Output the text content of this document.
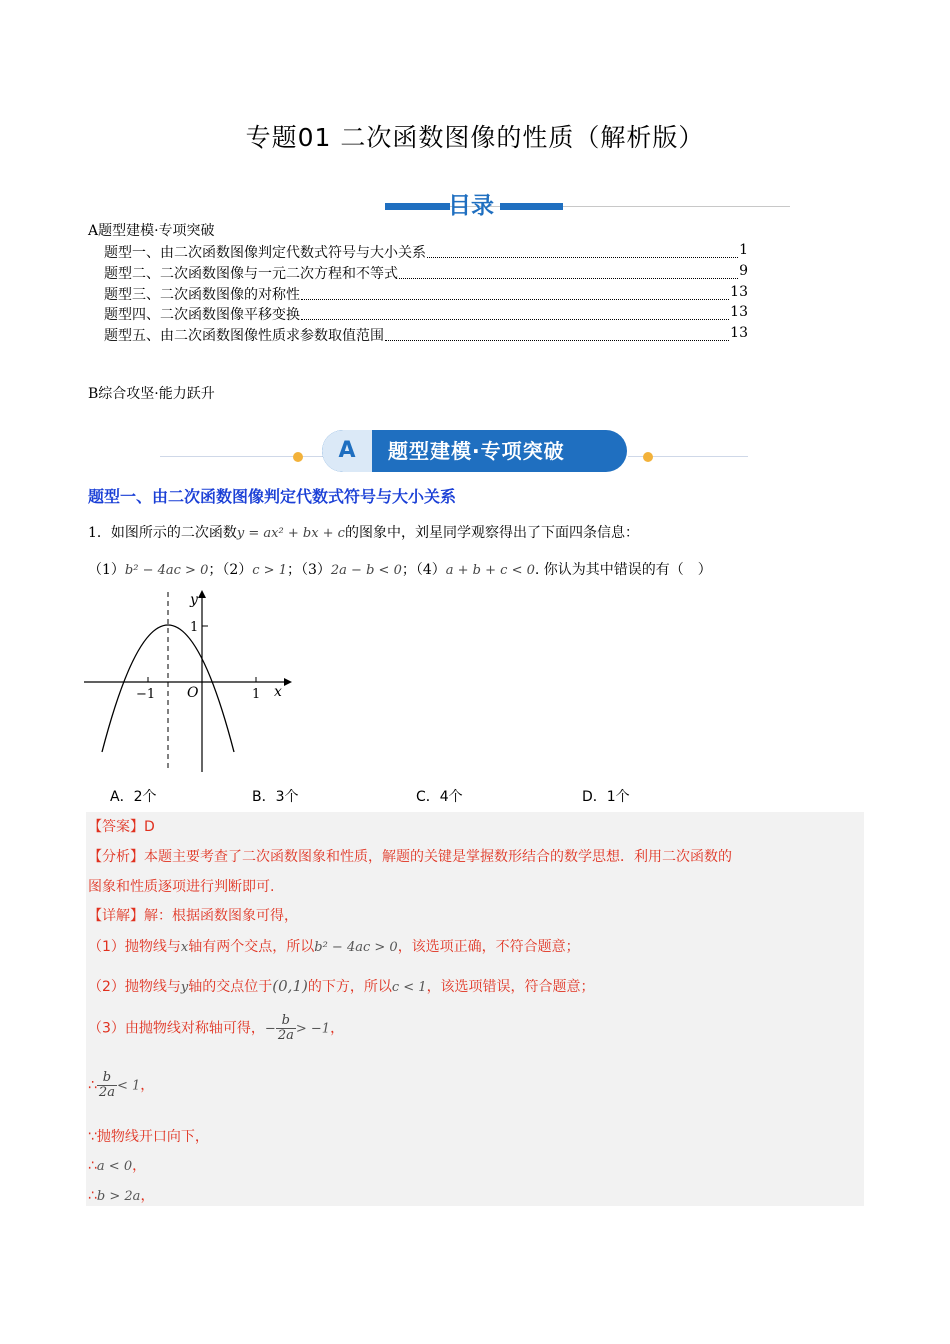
专题01 二次函数图像的性质（解析版）
目录
A题型建模·专项突破
题型一、由二次函数图像判定代数式符号与大小关系	1
题型二、二次函数图像与一元二次方程和不等式	9
题型三、二次函数图像的对称性	13
题型四、二次函数图像平移变换	13
题型五、由二次函数图像性质求参数取值范围	13
B综合攻坚·能力跃升
A	题型建模·专项突破
题型一、由二次函数图像判定代数式符号与大小关系
1．如图所示的二次函数y = ax² + bx + c的图象中，刘星同学观察得出了下面四条信息：
（1）b² − 4ac > 0；（2）c > 1；（3）2a − b < 0；（4）a + b + c < 0. 你认为其中错误的有（　）
y
x
O
1
−1	1
A．2个	B．3个	C．4个	D．1个
【答案】D
【分析】本题主要考查了二次函数图象和性质，解题的关键是掌握数形结合的数学思想．利用二次函数的
图象和性质逐项进行判断即可.
【详解】解：根据函数图象可得，
（1）抛物线与x轴有两个交点，所以b² − 4ac > 0，该选项正确，不符合题意；
（2）抛物线与y轴的交点位于(0,1)的下方，所以c < 1，该选项错误，符合题意；
（3）由抛物线对称轴可得，− $\frac{b}{2a} > -1$，
∴ $\frac{b}{2a} < 1$，
∵抛物线开口向下，
∴a < 0，
∴b > 2a，
